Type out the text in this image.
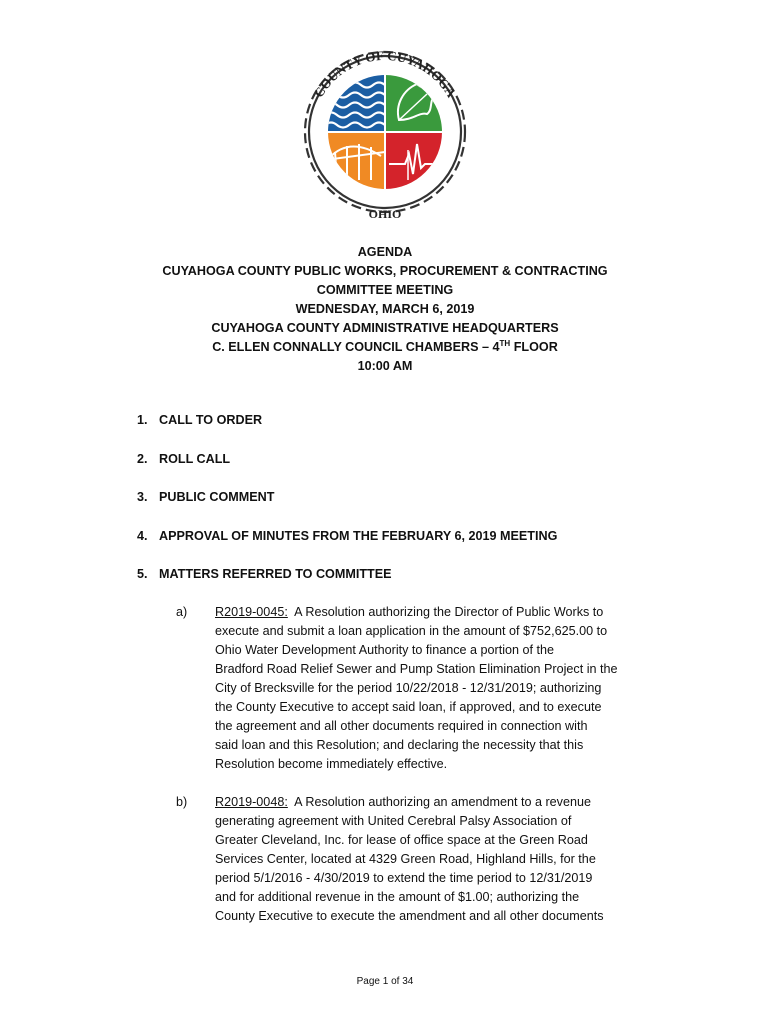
COUNTY OF CUYAHOGA
OHIO
AGENDA
CUYAHOGA COUNTY PUBLIC WORKS, PROCUREMENT & CONTRACTING
COMMITTEE MEETING
WEDNESDAY, MARCH 6, 2019
CUYAHOGA COUNTY ADMINISTRATIVE HEADQUARTERS
C. ELLEN CONNALLY COUNCIL CHAMBERS – 4TH FLOOR
10:00 AM
1. CALL TO ORDER
2. ROLL CALL
3. PUBLIC COMMENT
4. APPROVAL OF MINUTES FROM THE FEBRUARY 6, 2019 MEETING
5. MATTERS REFERRED TO COMMITTEE
a)	R2019-0045: A Resolution authorizing the Director of Public Works to
execute and submit a loan application in the amount of $752,625.00 to
Ohio Water Development Authority to finance a portion of the
Bradford Road Relief Sewer and Pump Station Elimination Project in the
City of Brecksville for the period 10/22/2018 - 12/31/2019; authorizing
the County Executive to accept said loan, if approved, and to execute
the agreement and all other documents required in connection with
said loan and this Resolution; and declaring the necessity that this
Resolution become immediately effective.
b)	R2019-0048: A Resolution authorizing an amendment to a revenue
generating agreement with United Cerebral Palsy Association of
Greater Cleveland, Inc. for lease of office space at the Green Road
Services Center, located at 4329 Green Road, Highland Hills, for the
period 5/1/2016 - 4/30/2019 to extend the time period to 12/31/2019
and for additional revenue in the amount of $1.00; authorizing the
County Executive to execute the amendment and all other documents
Page 1 of 34
